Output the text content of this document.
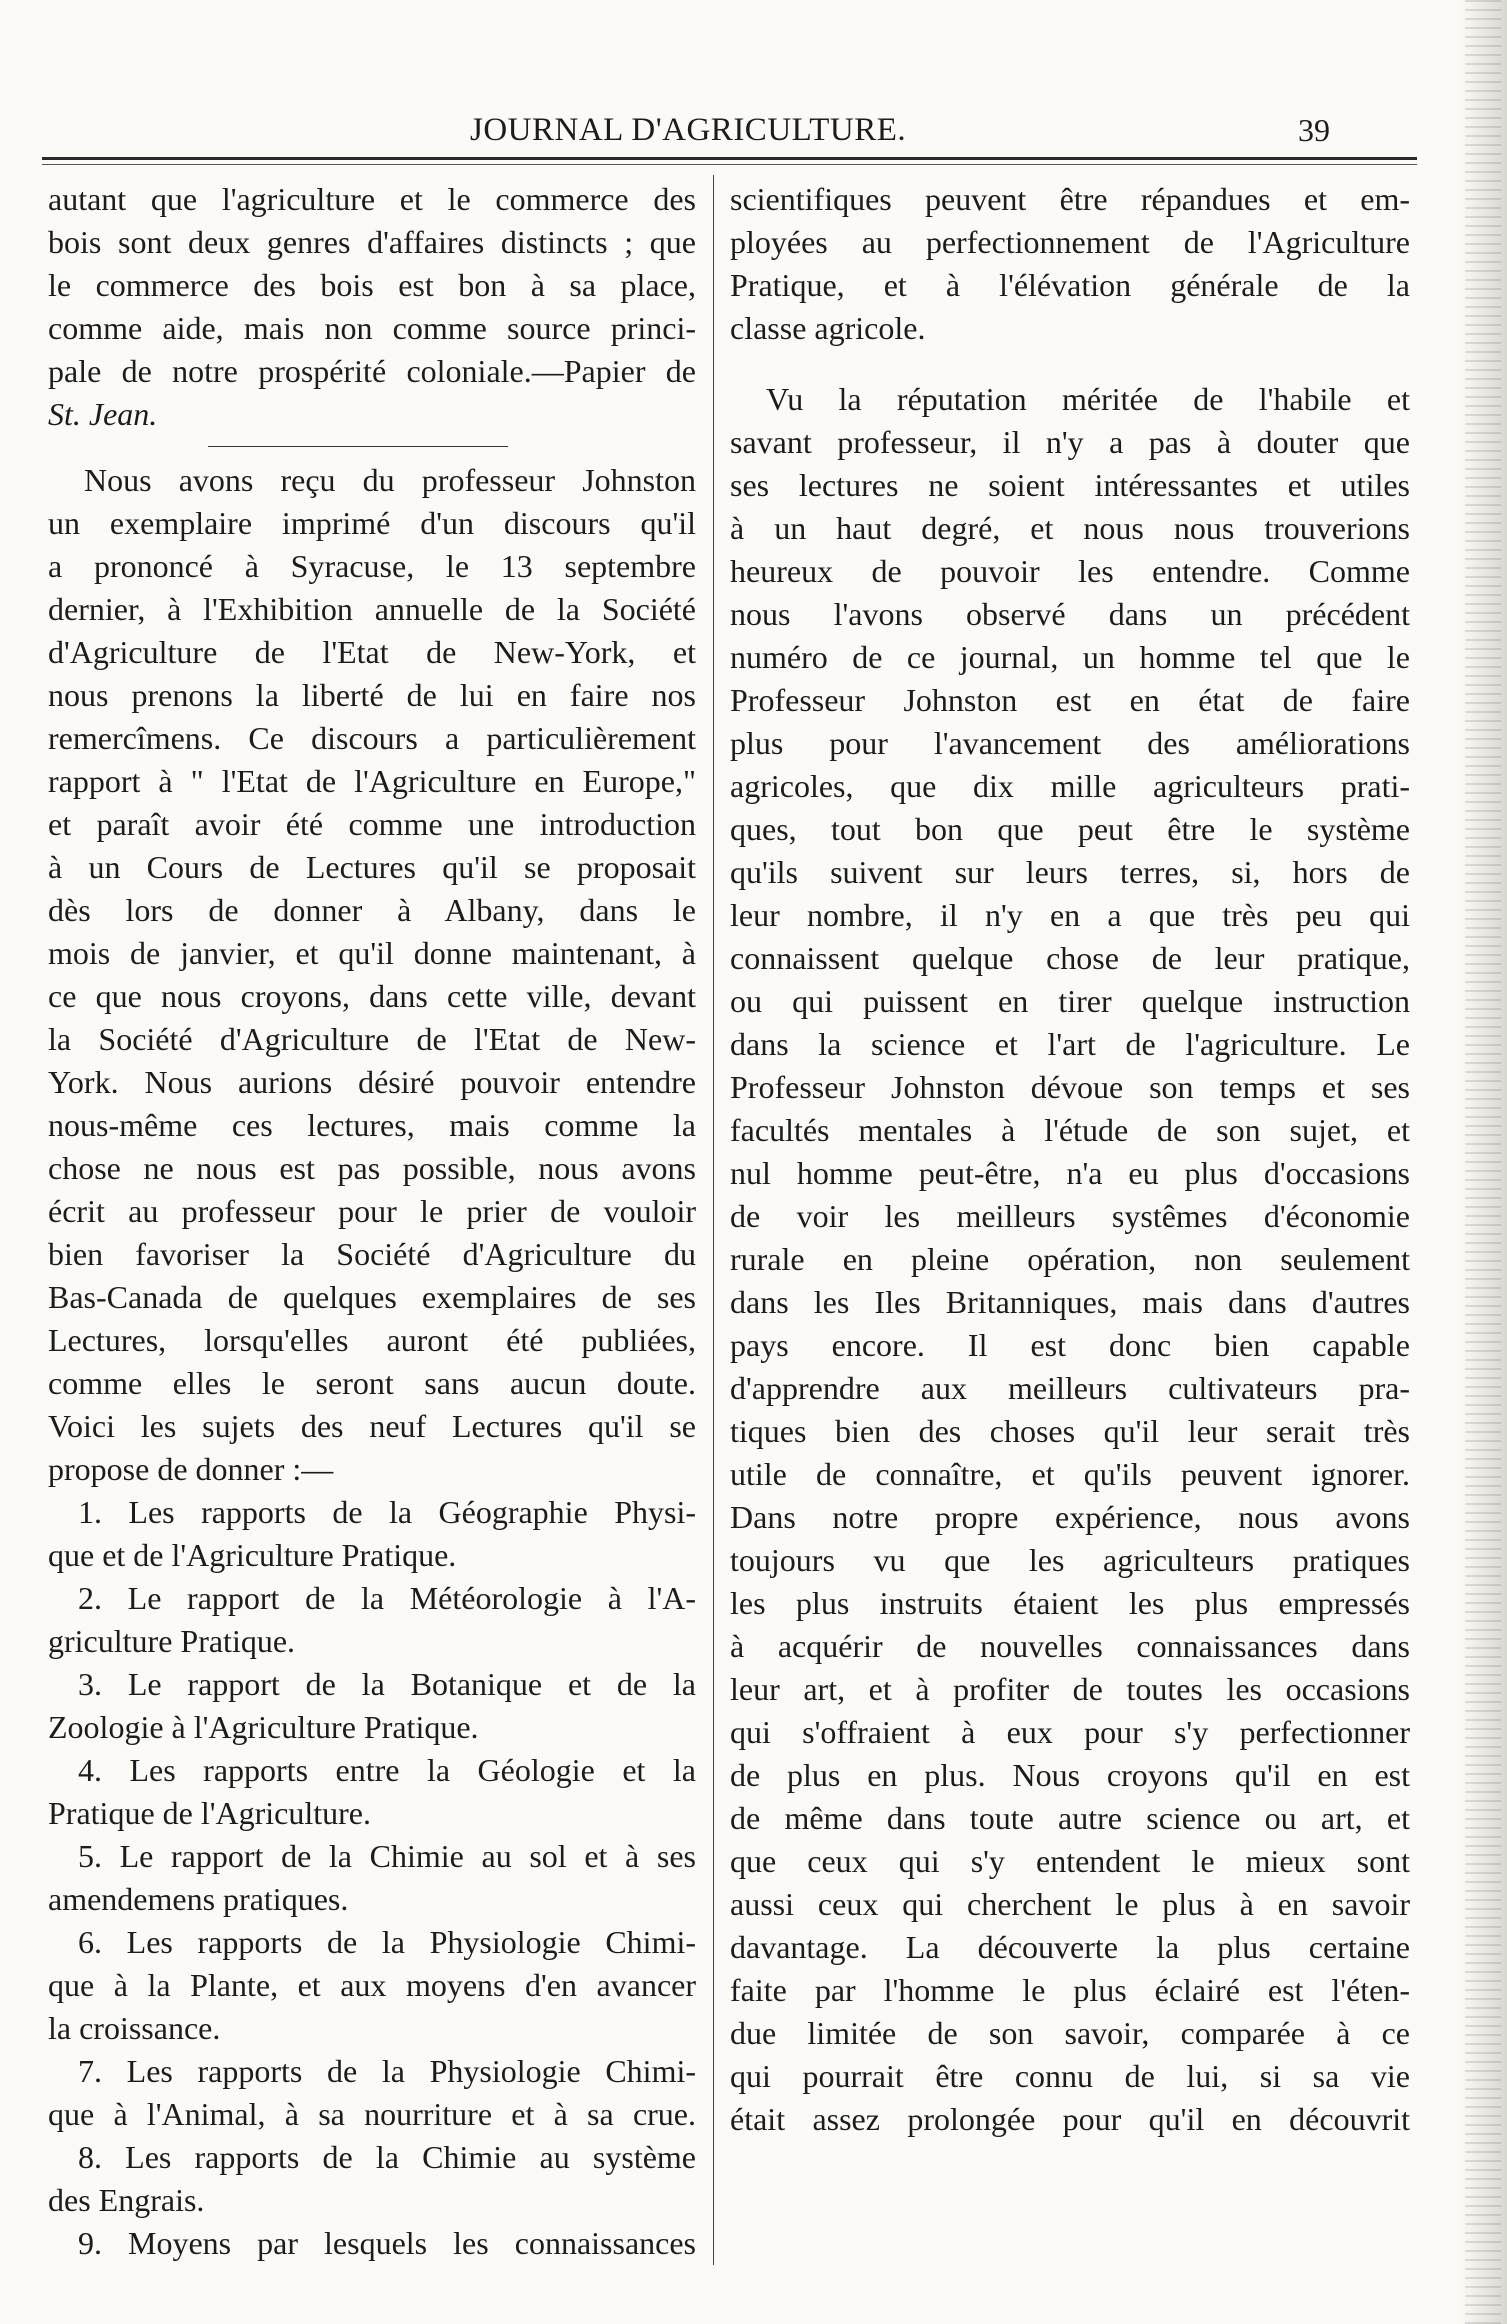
JOURNAL D'AGRICULTURE.	39
autant que l'agriculture et le commerce des
bois sont deux genres d'affaires distincts ; que
le commerce des bois est bon à sa place,
comme aide, mais non comme source princi-
pale de notre prospérité coloniale.—Papier de
St. Jean.
Nous avons reçu du professeur Johnston
un exemplaire imprimé d'un discours qu'il
a prononcé à Syracuse, le 13 septembre
dernier, à l'Exhibition annuelle de la Société
d'Agriculture de l'Etat de New-York, et
nous prenons la liberté de lui en faire nos
remercîmens. Ce discours a particulièrement
rapport à " l'Etat de l'Agriculture en Europe,"
et paraît avoir été comme une introduction
à un Cours de Lectures qu'il se proposait
dès lors de donner à Albany, dans le
mois de janvier, et qu'il donne maintenant, à
ce que nous croyons, dans cette ville, devant
la Société d'Agriculture de l'Etat de New-
York. Nous aurions désiré pouvoir entendre
nous-même ces lectures, mais comme la
chose ne nous est pas possible, nous avons
écrit au professeur pour le prier de vouloir
bien favoriser la Société d'Agriculture du
Bas-Canada de quelques exemplaires de ses
Lectures, lorsqu'elles auront été publiées,
comme elles le seront sans aucun doute.
Voici les sujets des neuf Lectures qu'il se
propose de donner :—
1. Les rapports de la Géographie Physi-
que et de l'Agriculture Pratique.
2. Le rapport de la Météorologie à l'A-
griculture Pratique.
3. Le rapport de la Botanique et de la
Zoologie à l'Agriculture Pratique.
4. Les rapports entre la Géologie et la
Pratique de l'Agriculture.
5. Le rapport de la Chimie au sol et à ses
amendemens pratiques.
6. Les rapports de la Physiologie Chimi-
que à la Plante, et aux moyens d'en avancer
la croissance.
7. Les rapports de la Physiologie Chimi-
que à l'Animal, à sa nourriture et à sa crue.
8. Les rapports de la Chimie au système
des Engrais.
9. Moyens par lesquels les connaissances
scientifiques peuvent être répandues et em-
ployées au perfectionnement de l'Agriculture
Pratique, et à l'élévation générale de la
classe agricole.
Vu la réputation méritée de l'habile et
savant professeur, il n'y a pas à douter que
ses lectures ne soient intéressantes et utiles
à un haut degré, et nous nous trouverions
heureux de pouvoir les entendre. Comme
nous l'avons observé dans un précédent
numéro de ce journal, un homme tel que le
Professeur Johnston est en état de faire
plus pour l'avancement des améliorations
agricoles, que dix mille agriculteurs prati-
ques, tout bon que peut être le système
qu'ils suivent sur leurs terres, si, hors de
leur nombre, il n'y en a que très peu qui
connaissent quelque chose de leur pratique,
ou qui puissent en tirer quelque instruction
dans la science et l'art de l'agriculture. Le
Professeur Johnston dévoue son temps et ses
facultés mentales à l'étude de son sujet, et
nul homme peut-être, n'a eu plus d'occasions
de voir les meilleurs systêmes d'économie
rurale en pleine opération, non seulement
dans les Iles Britanniques, mais dans d'autres
pays encore. Il est donc bien capable
d'apprendre aux meilleurs cultivateurs pra-
tiques bien des choses qu'il leur serait très
utile de connaître, et qu'ils peuvent ignorer.
Dans notre propre expérience, nous avons
toujours vu que les agriculteurs pratiques
les plus instruits étaient les plus empressés
à acquérir de nouvelles connaissances dans
leur art, et à profiter de toutes les occasions
qui s'offraient à eux pour s'y perfectionner
de plus en plus. Nous croyons qu'il en est
de même dans toute autre science ou art, et
que ceux qui s'y entendent le mieux sont
aussi ceux qui cherchent le plus à en savoir
davantage. La découverte la plus certaine
faite par l'homme le plus éclairé est l'éten-
due limitée de son savoir, comparée à ce
qui pourrait être connu de lui, si sa vie
était assez prolongée pour qu'il en découvrit
